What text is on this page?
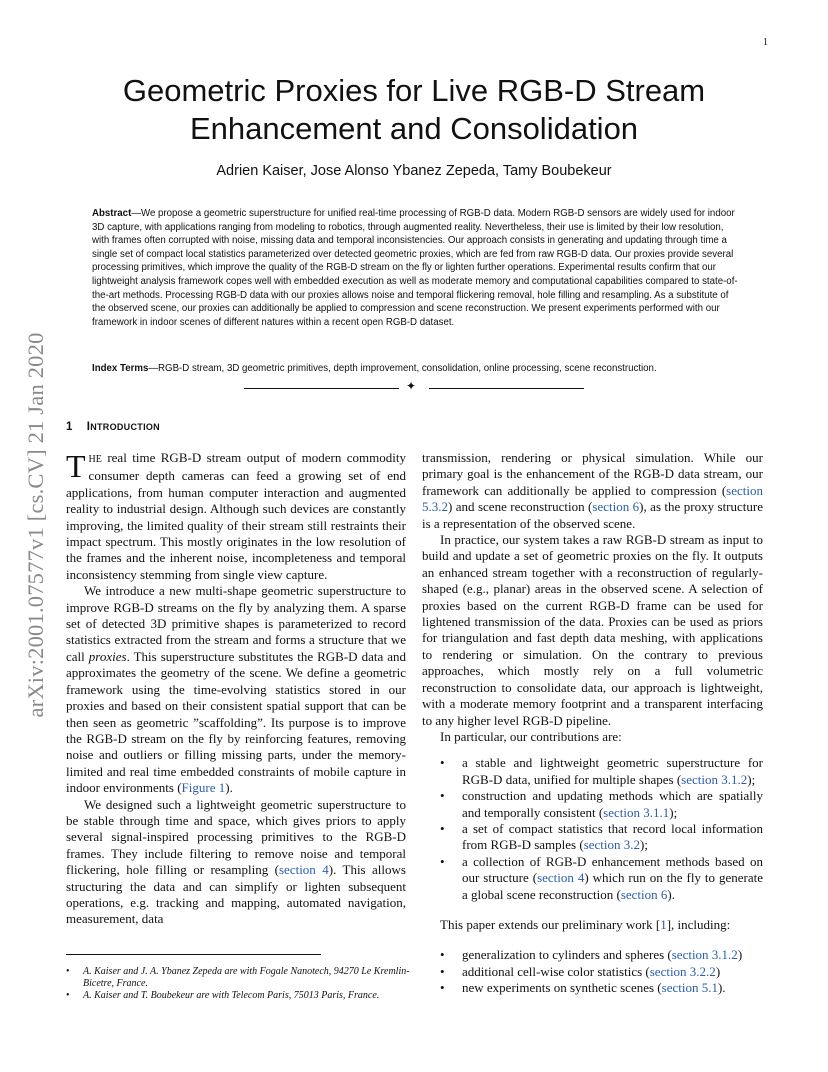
1
arXiv:2001.07577v1 [cs.CV] 21 Jan 2020
Geometric Proxies for Live RGB-D Stream Enhancement and Consolidation
Adrien Kaiser, Jose Alonso Ybanez Zepeda, Tamy Boubekeur
Abstract—We propose a geometric superstructure for unified real-time processing of RGB-D data. Modern RGB-D sensors are widely used for indoor 3D capture, with applications ranging from modeling to robotics, through augmented reality. Nevertheless, their use is limited by their low resolution, with frames often corrupted with noise, missing data and temporal inconsistencies. Our approach consists in generating and updating through time a single set of compact local statistics parameterized over detected geometric proxies, which are fed from raw RGB-D data. Our proxies provide several processing primitives, which improve the quality of the RGB-D stream on the fly or lighten further operations. Experimental results confirm that our lightweight analysis framework copes well with embedded execution as well as moderate memory and computational capabilities compared to state-of-the-art methods. Processing RGB-D data with our proxies allows noise and temporal flickering removal, hole filling and resampling. As a substitute of the observed scene, our proxies can additionally be applied to compression and scene reconstruction. We present experiments performed with our framework in indoor scenes of different natures within a recent open RGB-D dataset.
Index Terms—RGB-D stream, 3D geometric primitives, depth improvement, consolidation, online processing, scene reconstruction.
✦
1 INTRODUCTION

THE real time RGB-D stream output of modern commodity consumer depth cameras can feed a growing set of end applications, from human computer interaction and augmented reality to industrial design. Although such devices are constantly improving, the limited quality of their stream still restraints their impact spectrum. This mostly originates in the low resolution of the frames and the inherent noise, incompleteness and temporal inconsistency stemming from single view capture.

We introduce a new multi-shape geometric superstructure to improve RGB-D streams on the fly by analyzing them. A sparse set of detected 3D primitive shapes is parameterized to record statistics extracted from the stream and forms a structure that we call proxies. This superstructure substitutes the RGB-D data and approximates the geometry of the scene. We define a geometric framework using the time-evolving statistics stored in our proxies and based on their consistent spatial support that can be then seen as geometric ”scaffolding”. Its purpose is to improve the RGB-D stream on the fly by reinforcing features, removing noise and outliers or filling missing parts, under the memory-limited and real time embedded constraints of mobile capture in indoor environments (Figure 1).

We designed such a lightweight geometric superstructure to be stable through time and space, which gives priors to apply several signal-inspired processing primitives to the RGB-D frames. They include filtering to remove noise and temporal flickering, hole filling or resampling (section 4). This allows structuring the data and can simplify or lighten subsequent operations, e.g. tracking and mapping, automated navigation, measurement, data

transmission, rendering or physical simulation. While our primary goal is the enhancement of the RGB-D data stream, our framework can additionally be applied to compression (section 5.3.2) and scene reconstruction (section 6), as the proxy structure is a representation of the observed scene.

In practice, our system takes a raw RGB-D stream as input to build and update a set of geometric proxies on the fly. It outputs an enhanced stream together with a reconstruction of regularly-shaped (e.g., planar) areas in the observed scene. A selection of proxies based on the current RGB-D frame can be used for lightened transmission of the data. Proxies can be used as priors for triangulation and fast depth data meshing, with applications to rendering or simulation. On the contrary to previous approaches, which mostly rely on a full volumetric reconstruction to consolidate data, our approach is lightweight, with a moderate memory footprint and a transparent interfacing to any higher level RGB-D pipeline.

In particular, our contributions are:

• a stable and lightweight geometric superstructure for RGB-D data, unified for multiple shapes (section 3.1.2);
• construction and updating methods which are spatially and temporally consistent (section 3.1.1);
• a set of compact statistics that record local information from RGB-D samples (section 3.2);
• a collection of RGB-D enhancement methods based on our structure (section 4) which run on the fly to generate a global scene reconstruction (section 6).

This paper extends our preliminary work [1], including:

• generalization to cylinders and spheres (section 3.1.2)
• additional cell-wise color statistics (section 3.2.2)
• new experiments on synthetic scenes (section 5.1).
• A. Kaiser and J. A. Ybanez Zepeda are with Fogale Nanotech, 94270 Le Kremlin-Bicetre, France.
• A. Kaiser and T. Boubekeur are with Telecom Paris, 75013 Paris, France.
